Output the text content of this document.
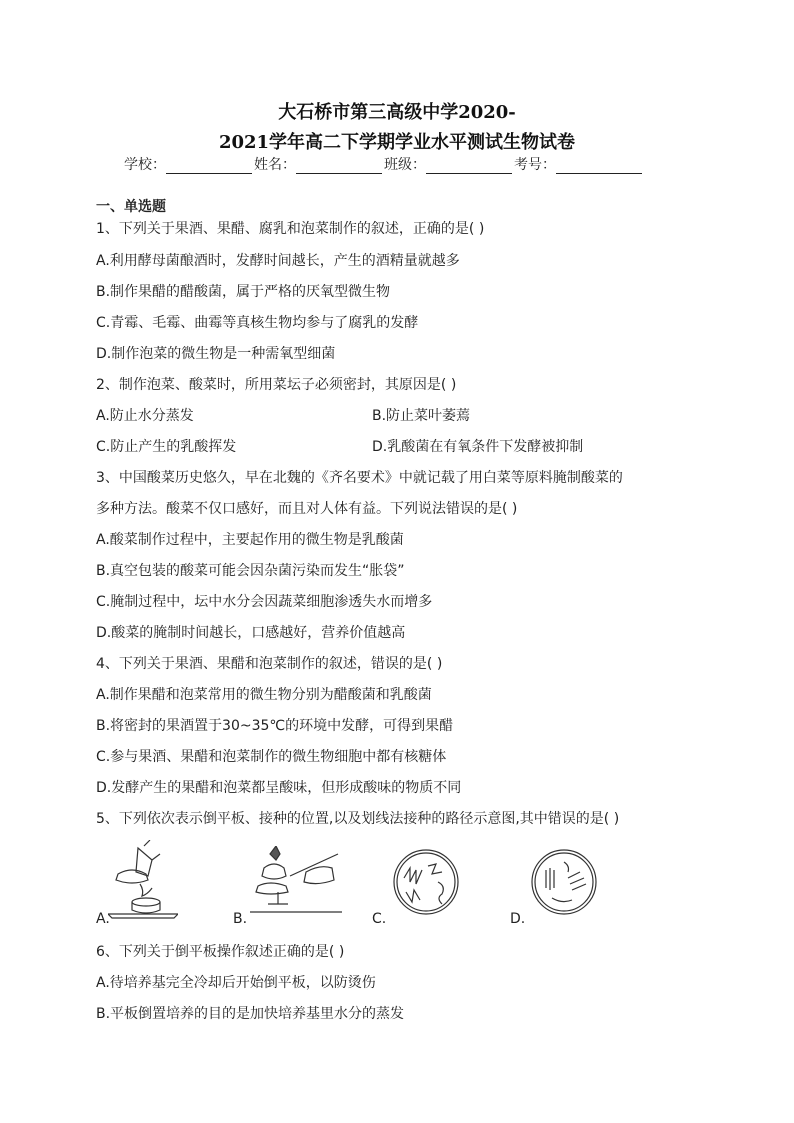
大石桥市第三高级中学2020-
2021学年高二下学期学业水平测试生物试卷
学校：	姓名：	班级：	考号：
一、单选题
1、下列关于果酒、果醋、腐乳和泡菜制作的叙述，正确的是( )
A.利用酵母菌酿酒时，发酵时间越长，产生的酒精量就越多
B.制作果醋的醋酸菌，属于严格的厌氧型微生物
C.青霉、毛霉、曲霉等真核生物均参与了腐乳的发酵
D.制作泡菜的微生物是一种需氧型细菌
2、制作泡菜、酸菜时，所用菜坛子必须密封，其原因是( )
A.防止水分蒸发	B.防止菜叶萎蔫
C.防止产生的乳酸挥发	D.乳酸菌在有氧条件下发酵被抑制
3、中国酸菜历史悠久，早在北魏的《齐名要术》中就记载了用白菜等原料腌制酸菜的
多种方法。酸菜不仅口感好，而且对人体有益。下列说法错误的是( )
A.酸菜制作过程中，主要起作用的微生物是乳酸菌
B.真空包装的酸菜可能会因杂菌污染而发生“胀袋”
C.腌制过程中，坛中水分会因蔬菜细胞渗透失水而增多
D.酸菜的腌制时间越长，口感越好，营养价值越高
4、下列关于果酒、果醋和泡菜制作的叙述，错误的是( )
A.制作果醋和泡菜常用的微生物分别为醋酸菌和乳酸菌
B.将密封的果酒置于30~35℃的环境中发酵，可得到果醋
C.参与果酒、果醋和泡菜制作的微生物细胞中都有核糖体
D.发酵产生的果醋和泡菜都呈酸味，但形成酸味的物质不同
5、下列依次表示倒平板、接种的位置,以及划线法接种的路径示意图,其中错误的是( )
A.	B.	C.	D.
6、下列关于倒平板操作叙述正确的是( )
A.待培养基完全冷却后开始倒平板，以防烫伤
B.平板倒置培养的目的是加快培养基里水分的蒸发
